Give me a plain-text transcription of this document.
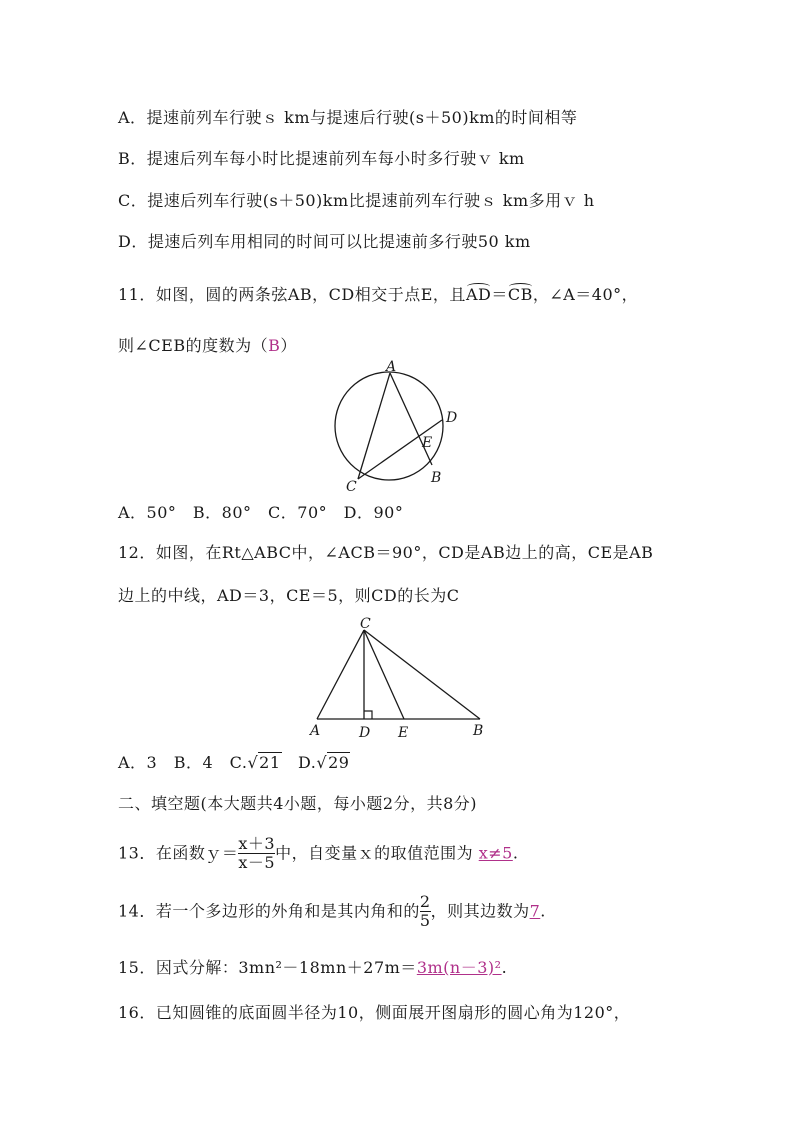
A．提速前列车行驶ｓ km与提速后行驶(s＋50)km的时间相等
B．提速后列车每小时比提速前列车每小时多行驶ｖ km
C．提速后列车行驶(s＋50)km比提速前列车行驶ｓ km多用ｖ h
D．提速后列车用相同的时间可以比提速前多行驶50 km
11．如图，圆的两条弦AB，CD相交于点E，且AD＝CB，∠A＝40°，
则∠CEB的度数为（B）
A
D
E
B
C
A．50°　B．80°　C．70°　D．90°
12．如图，在Rt△ABC中，∠ACB＝90°，CD是AB边上的高，CE是AB
边上的中线，AD＝3，CE＝5，则CD的长为C
C
A	D E	B
A．3　B．4　C.√21　D.√29
二、填空题(本大题共4小题，每小题2分，共8分)
13．在函数ｙ＝ $\frac{x+3}{x-5}$ 中，自变量ｘ的取值范围为 x≠5.
14．若一个多边形的外角和是其内角和的 $\frac{2}{5}$ ，则其边数为7.
15．因式分解：3mn²－18mn＋27m＝3m(n－3)².
16．已知圆锥的底面圆半径为10，侧面展开图扇形的圆心角为120°，
